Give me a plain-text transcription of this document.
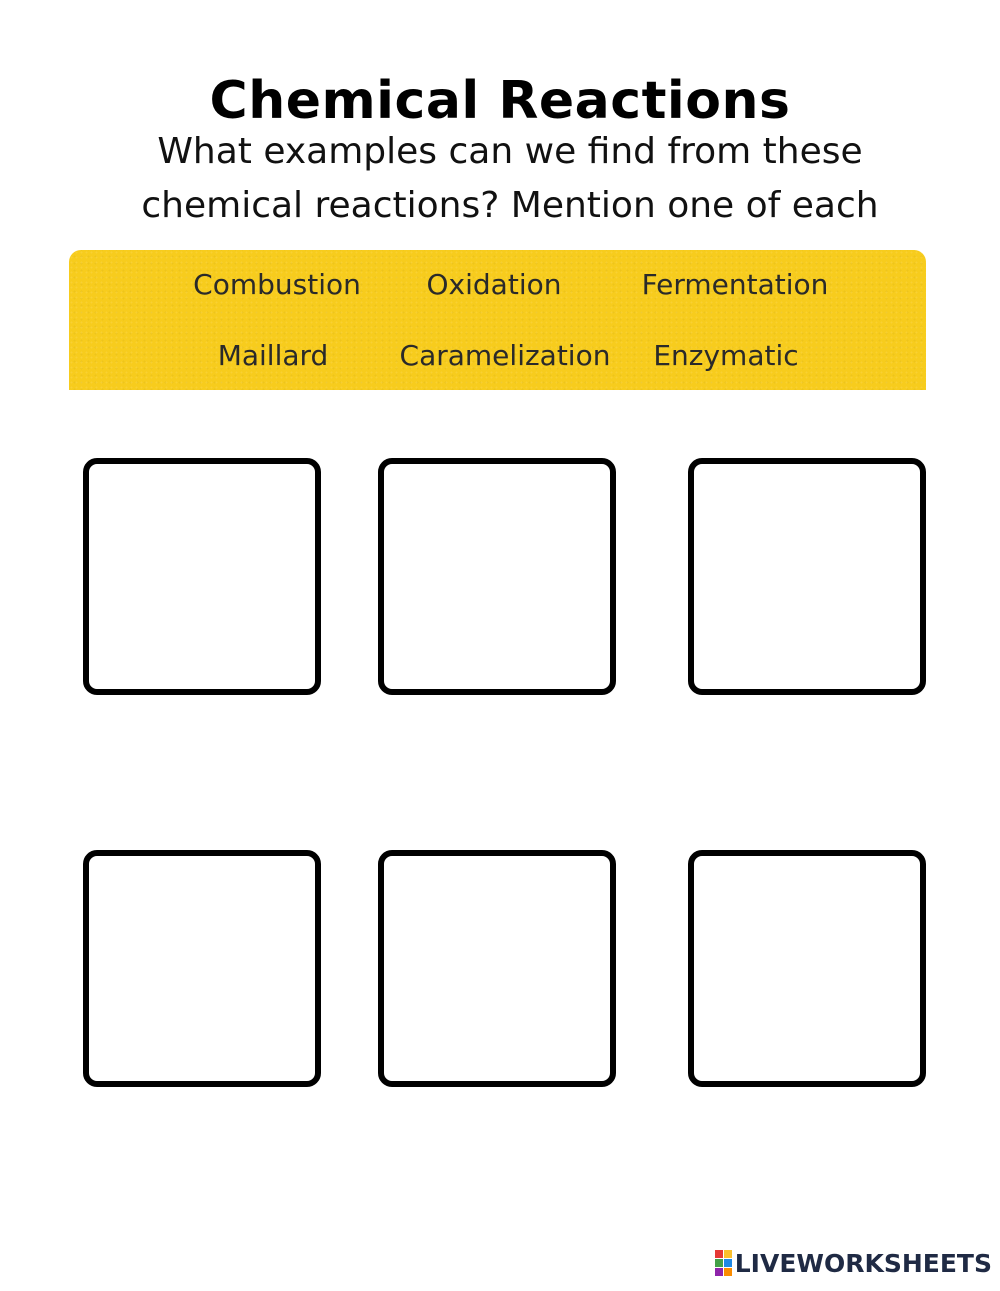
Chemical Reactions
What examples can we find from these
chemical reactions? Mention one of each
Combustion Oxidation	Fermentation
Maillard	Caramelization Enzymatic
LIVEWORKSHEETS
